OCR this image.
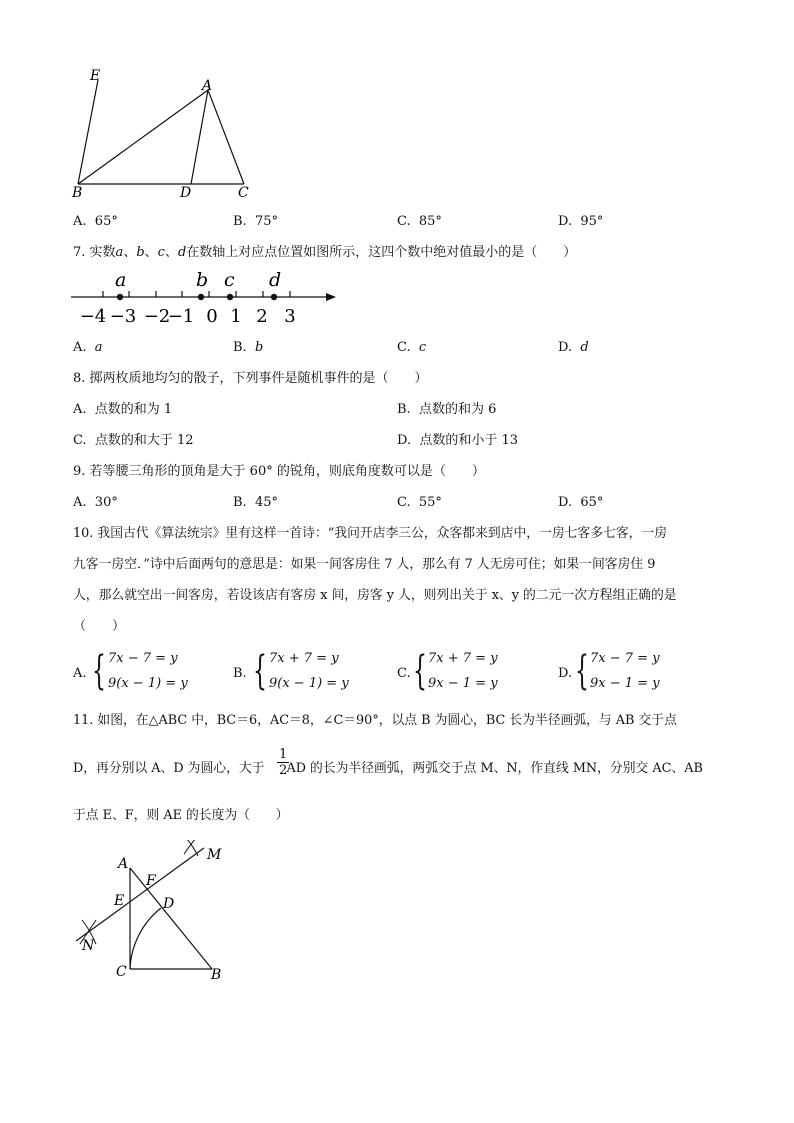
E
A
B	D	C
A. 65°	B. 75°	C. 85°	D. 95°
7. 实数a、b、c、d在数轴上对应点位置如图所示，这四个数中绝对值最小的是（　　）
a	b c d
−4 −3 −2
−1 0 1 2 3
A. a	B. b	C. c	D. d
8. 掷两枚质地均匀的骰子，下列事件是随机事件的是（　　）
A. 点数的和为 1	B. 点数的和为 6
C. 点数的和大于 12	D. 点数的和小于 13
9. 若等腰三角形的顶角是大于 60° 的锐角，则底角度数可以是（　　）
A. 30°	B. 45°	C. 55°	D. 65°
10. 我国古代《算法统宗》里有这样一首诗：“我问开店李三公，众客都来到店中，一房七客多七客，一房
九客一房空．”诗中后面两句的意思是：如果一间客房住 7 人，那么有 7 人无房可住；如果一间客房住 9
人，那么就空出一间客房，若设该店有客房 x 间，房客 y 人，则列出关于 x、y 的二元一次方程组正确的是
（　　）
A. { 7x − 7 = y
9(x − 1) = y
B. { 7x + 7 = y
9(x − 1) = y
C. { 7x + 7 = y
9x − 1 = y
D. { 7x − 7 = y
9x − 1 = y
11. 如图，在△ABC 中，BC＝6，AC＝8，∠C＝90°，以点 B 为圆心，BC 长为半径画弧，与 AB 交于点
D，再分别以 A、D 为圆心，大于 AD 的长为半径画弧，两弧交于点 M、N，作直线 MN，分别交 AC、AB
$\frac{1}{2}$
于点 E、F，则 AE 的长度为（　　）
A
M
F
E	D
N
C	B
